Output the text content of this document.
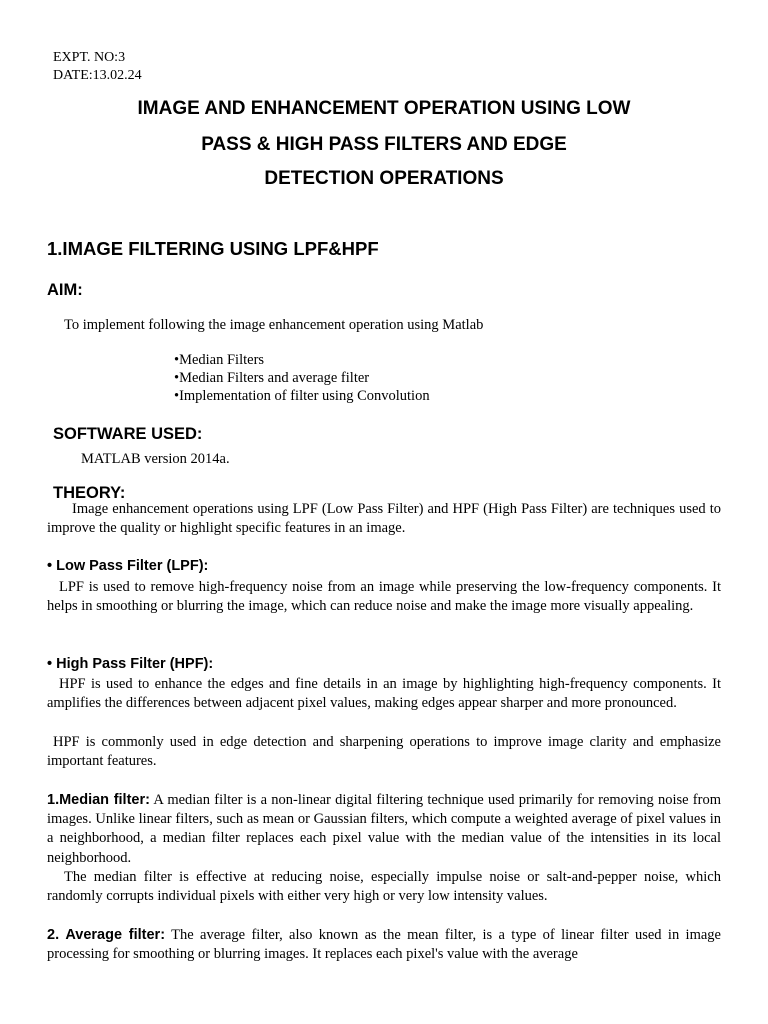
EXPT. NO:3
DATE:13.02.24
IMAGE AND ENHANCEMENT OPERATION USING LOW
PASS & HIGH PASS FILTERS AND EDGE
DETECTION OPERATIONS
1.IMAGE FILTERING USING LPF&HPF
AIM:
To implement following the image enhancement operation using Matlab
•Median Filters
•Median Filters and average filter
•Implementation of filter using Convolution
SOFTWARE USED:
MATLAB version 2014a.
THEORY:

Image enhancement operations using LPF (Low Pass Filter) and HPF (High Pass Filter) are techniques used to improve the quality or highlight specific features in an image.

• Low Pass Filter (LPF):

LPF is used to remove high-frequency noise from an image while preserving the low-frequency components. It helps in smoothing or blurring the image, which can reduce noise and make the image more visually appealing.

• High Pass Filter (HPF):

HPF is used to enhance the edges and fine details in an image by highlighting high-frequency components. It amplifies the differences between adjacent pixel values, making edges appear sharper and more pronounced.

HPF is commonly used in edge detection and sharpening operations to improve image clarity and emphasize important features.

1.Median filter: A median filter is a non-linear digital filtering technique used primarily for removing noise from images. Unlike linear filters, such as mean or Gaussian filters, which compute a weighted average of pixel values in a neighborhood, a median filter replaces each pixel value with the median value of the intensities in its local neighborhood.

The median filter is effective at reducing noise, especially impulse noise or salt-and-pepper noise, which randomly corrupts individual pixels with either very high or very low intensity values.

2. Average filter: The average filter, also known as the mean filter, is a type of linear filter used in image processing for smoothing or blurring images. It replaces each pixel's value with the average
